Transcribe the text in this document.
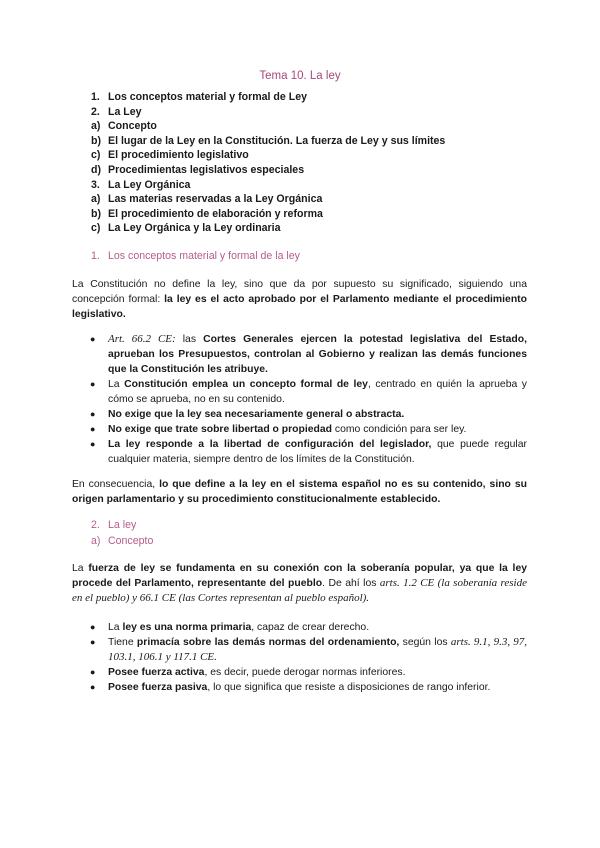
Tema 10. La ley
1. Los conceptos material y formal de Ley
2. La Ley
a) Concepto
b) El lugar de la Ley en la Constitución. La fuerza de Ley y sus límites
c) El procedimiento legislativo
d) Procedimientas legislativos especiales
3. La Ley Orgánica
a) Las materias reservadas a la Ley Orgánica
b) El procedimiento de elaboración y reforma
c) La Ley Orgánica y la Ley ordinaria
1. Los conceptos material y formal de la ley

La Constitución no define la ley, sino que da por supuesto su significado, siguiendo una concepción formal: la ley es el acto aprobado por el Parlamento mediante el procedimiento legislativo.

●	Art. 66.2 CE: las Cortes Generales ejercen la potestad legislativa del Estado, aprueban los Presupuestos, controlan al Gobierno y realizan las demás funciones que la Constitución les atribuye.
●	La Constitución emplea un concepto formal de ley, centrado en quién la aprueba y cómo se aprueba, no en su contenido.
●	No exige que la ley sea necesariamente general o abstracta.
●	No exige que trate sobre libertad o propiedad como condición para ser ley.
●	La ley responde a la libertad de configuración del legislador, que puede regular cualquier materia, siempre dentro de los límites de la Constitución.

En consecuencia, lo que define a la ley en el sistema español no es su contenido, sino su origen parlamentario y su procedimiento constitucionalmente establecido.

2. La ley
a) Concepto

La fuerza de ley se fundamenta en su conexión con la soberanía popular, ya que la ley procede del Parlamento, representante del pueblo. De ahí los arts. 1.2 CE (la soberanía reside en el pueblo) y 66.1 CE (las Cortes representan al pueblo español).

●	La ley es una norma primaria, capaz de crear derecho.
●	Tiene primacía sobre las demás normas del ordenamiento, según los arts. 9.1, 9.3, 97, 103.1, 106.1 y 117.1 CE.
●	Posee fuerza activa, es decir, puede derogar normas inferiores.
●	Posee fuerza pasiva, lo que significa que resiste a disposiciones de rango inferior.
